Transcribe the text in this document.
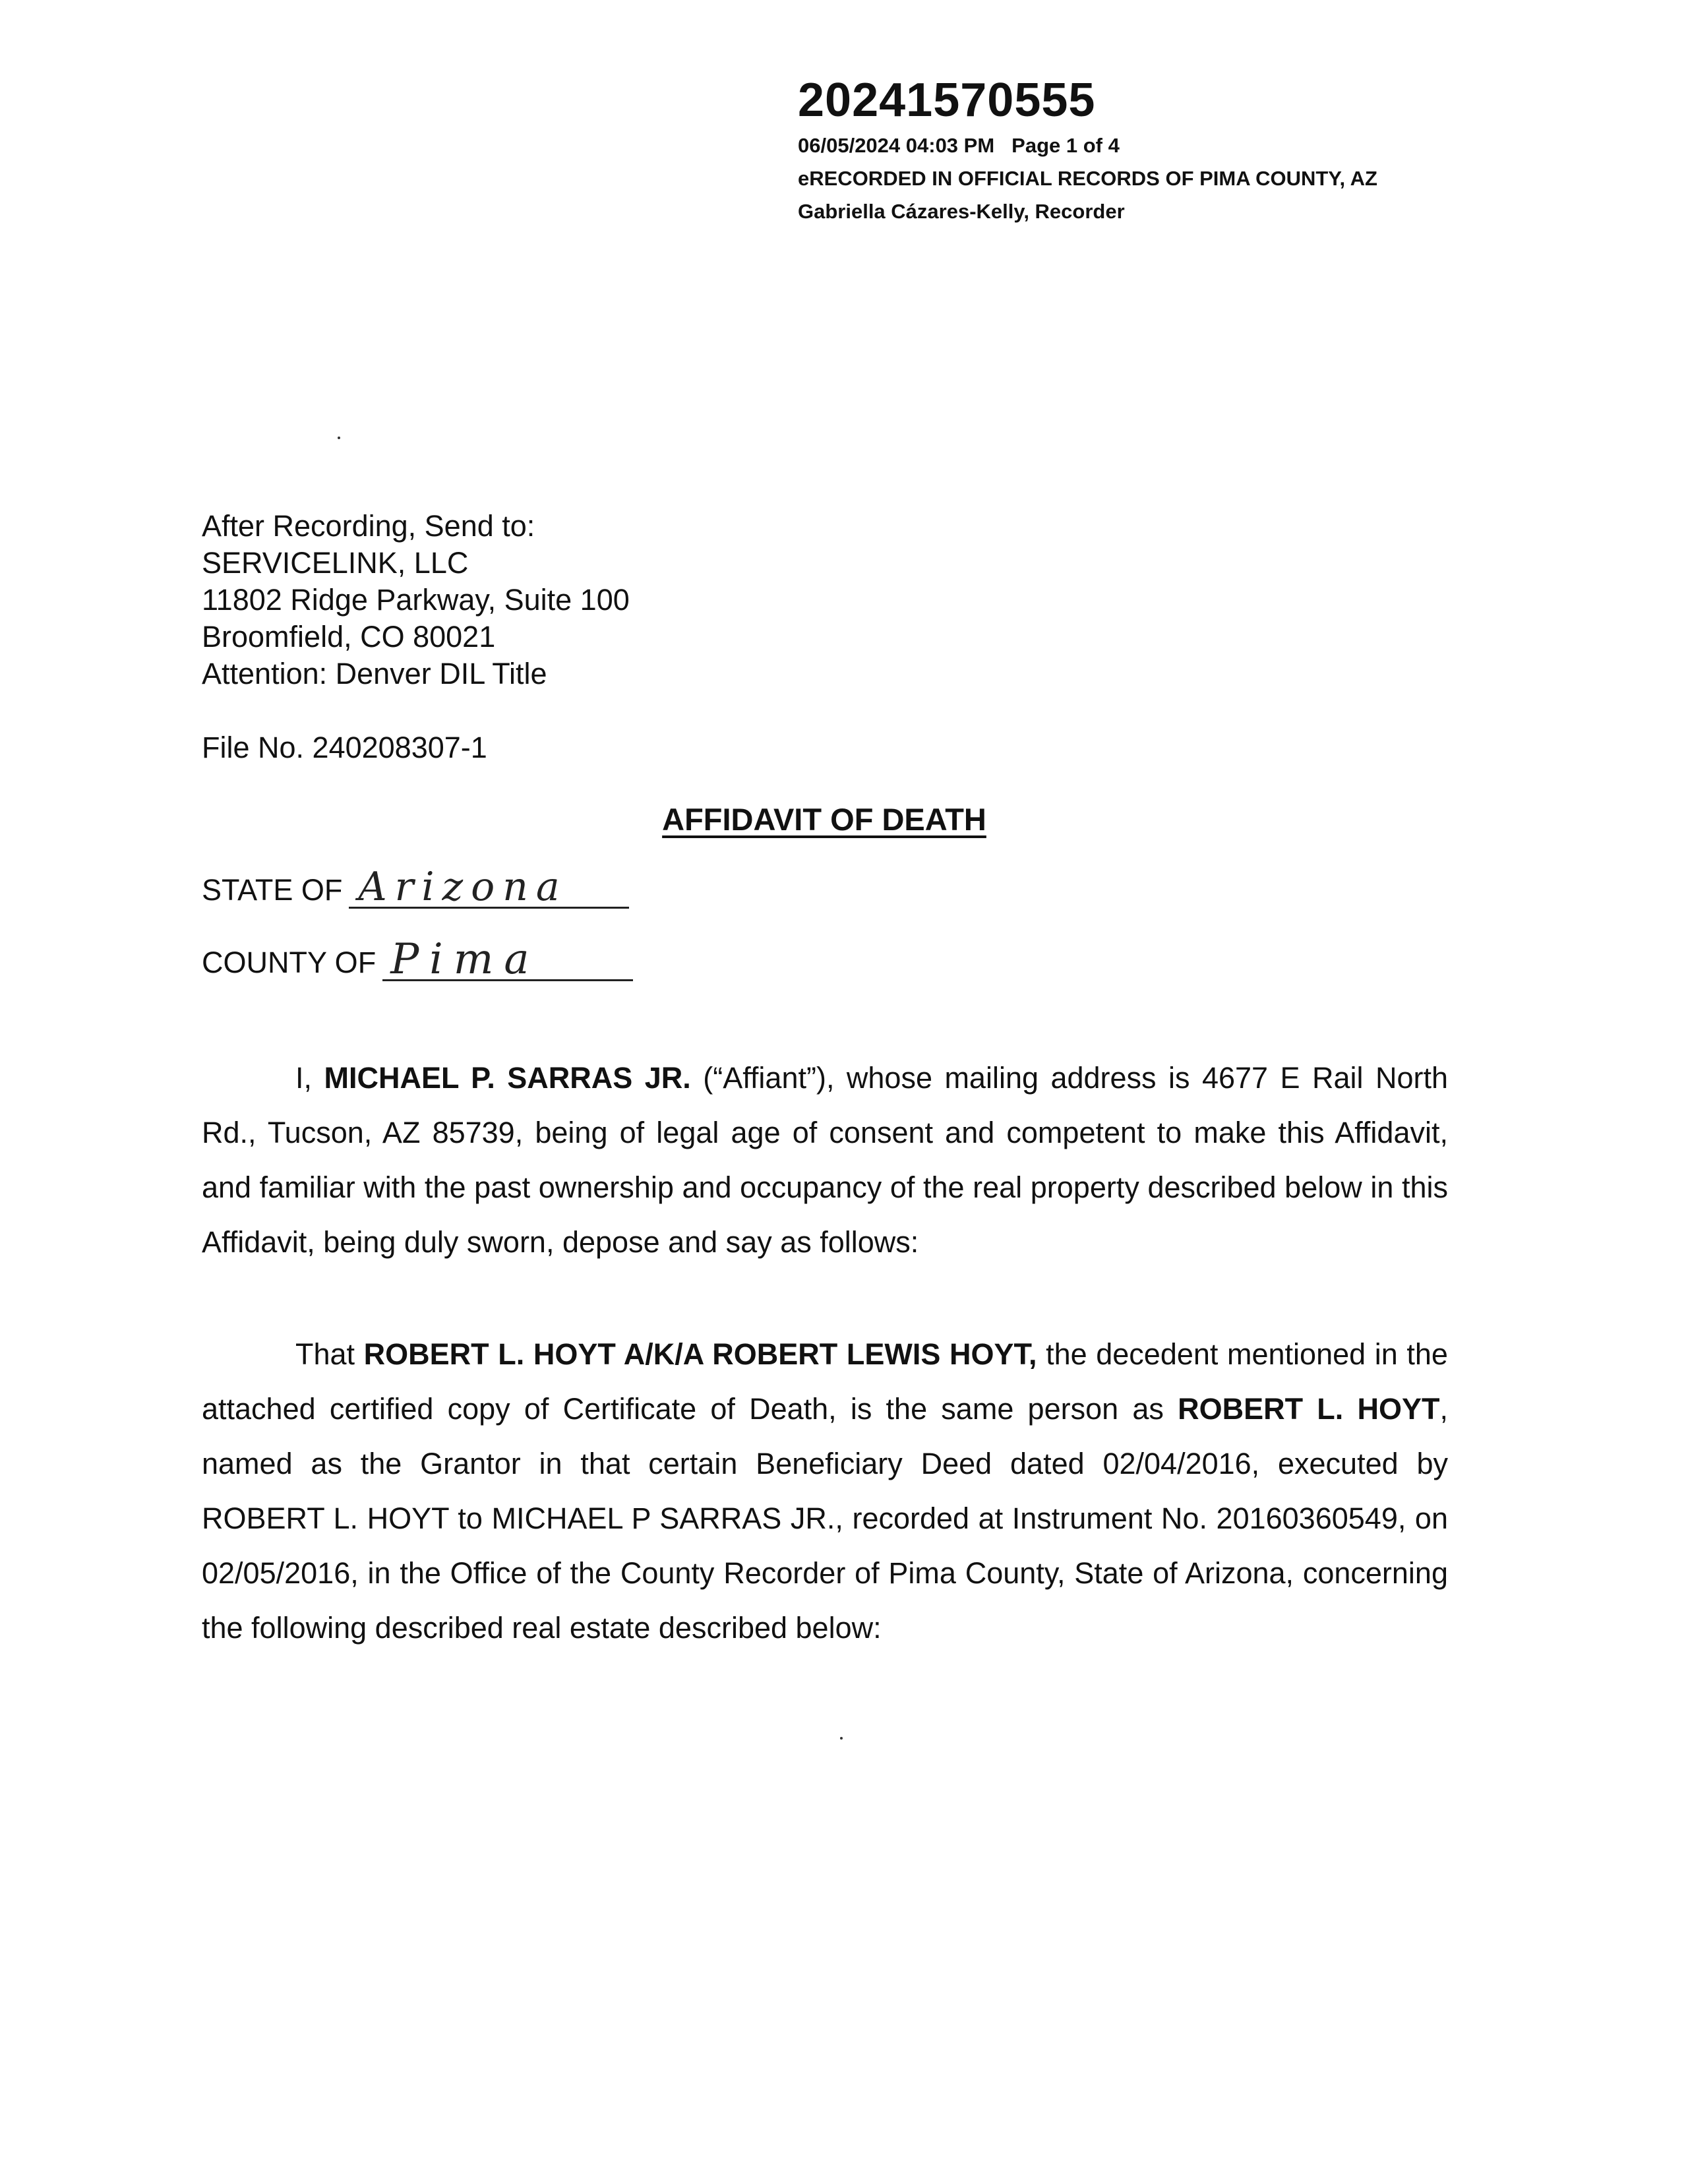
20241570555
06/05/2024 04:03 PM Page 1 of 4
eRECORDED IN OFFICIAL RECORDS OF PIMA COUNTY, AZ
Gabriella Cázares-Kelly, Recorder
After Recording, Send to:
SERVICELINK, LLC
11802 Ridge Parkway, Suite 100
Broomfield, CO 80021
Attention: Denver DIL Title
File No. 240208307-1
AFFIDAVIT OF DEATH
STATE OF Arizona
COUNTY OF Pima
I, MICHAEL P. SARRAS JR. (“Affiant”), whose mailing address is 4677 E Rail North Rd., Tucson, AZ 85739, being of legal age of consent and competent to make this Affidavit, and familiar with the past ownership and occupancy of the real property described below in this Affidavit, being duly sworn, depose and say as follows:
That ROBERT L. HOYT A/K/A ROBERT LEWIS HOYT, the decedent mentioned in the attached certified copy of Certificate of Death, is the same person as ROBERT L. HOYT, named as the Grantor in that certain Beneficiary Deed dated 02/04/2016, executed by ROBERT L. HOYT to MICHAEL P SARRAS JR., recorded at Instrument No. 20160360549, on 02/05/2016, in the Office of the County Recorder of Pima County, State of Arizona, concerning the following described real estate described below:
